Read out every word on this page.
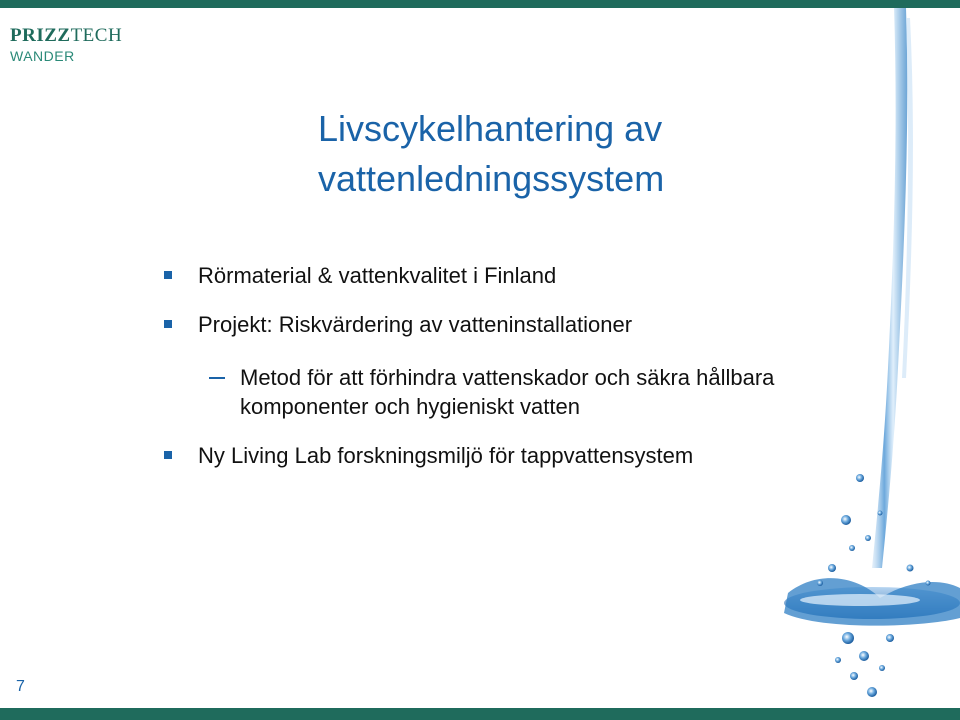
PRIZZTECH
WANDER
Livscykelhantering av vattenledningssystem
Rörmaterial & vattenkvalitet i Finland
Projekt: Riskvärdering av vatteninstallationer
Metod för att förhindra vattenskador och säkra hållbara komponenter och hygieniskt vatten
Ny Living Lab forskningsmiljö för tappvattensystem
7
